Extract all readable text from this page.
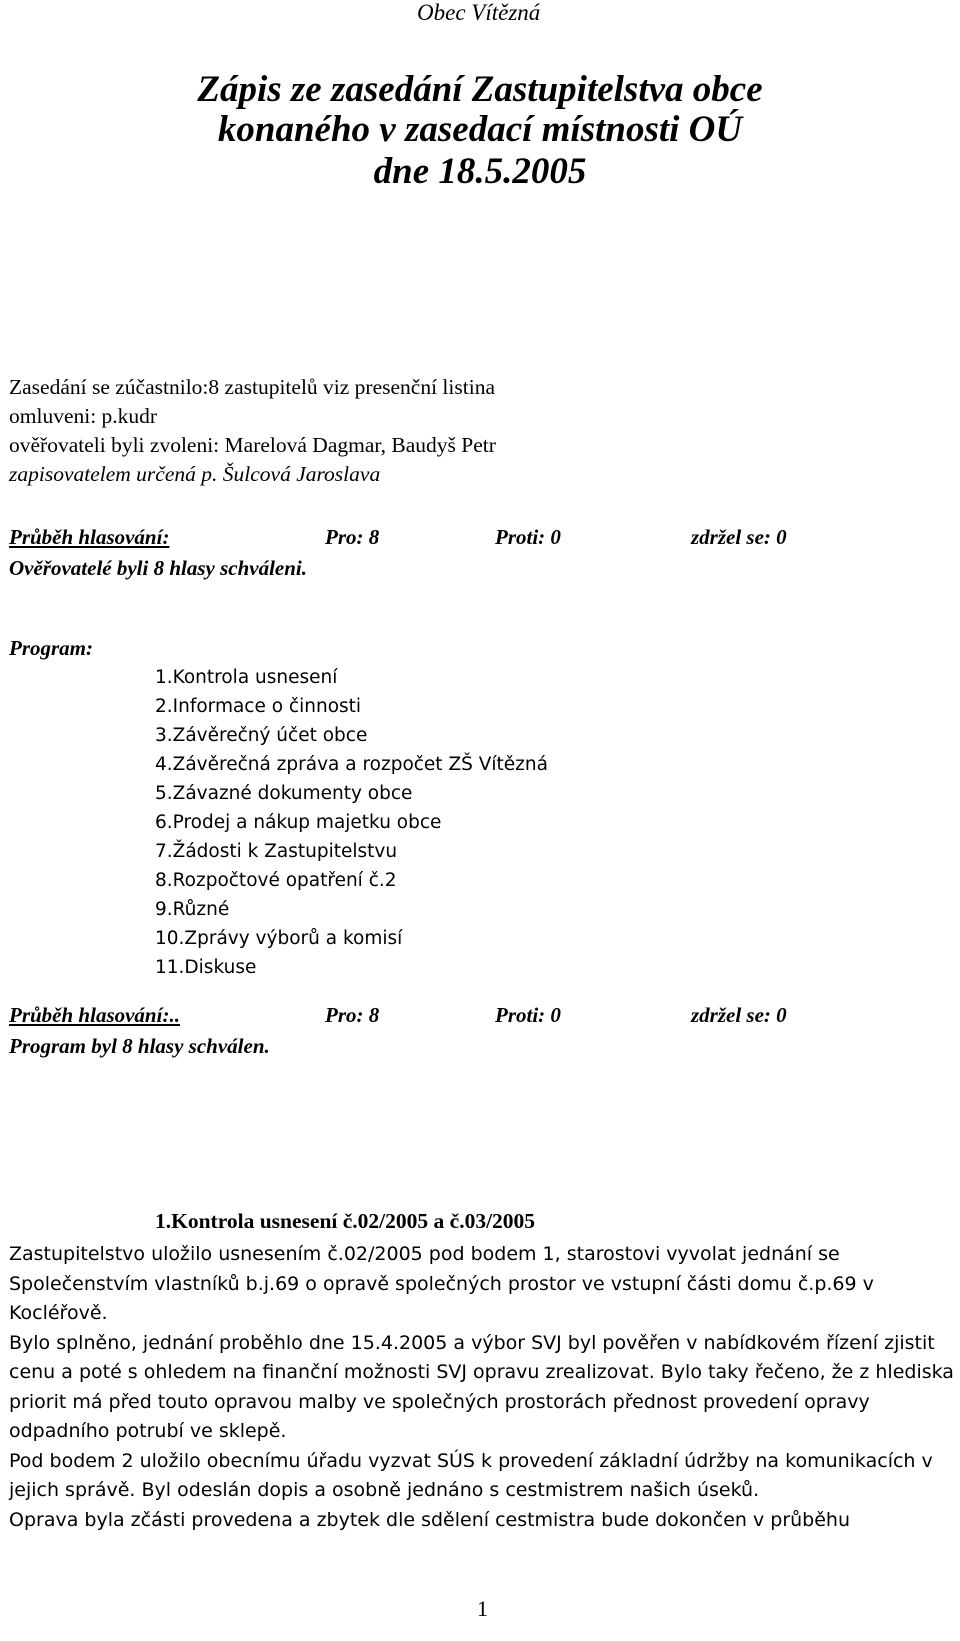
Obec Vítězná
Zápis ze zasedání Zastupitelstva obce
konaného v zasedací místnosti OÚ
dne 18.5.2005
Zasedání se zúčastnilo:8 zastupitelů viz presenční listina
omluveni: p.kudr
ověřovateli byli zvoleni: Marelová Dagmar, Baudyš Petr
zapisovatelem určená p. Šulcová Jaroslava
Průběh hlasování:	Pro: 8	Proti: 0	zdržel se: 0
Ověřovatelé byli 8 hlasy schváleni.
Program:
1.Kontrola usnesení
2.Informace o činnosti
3.Závěrečný účet obce
4.Závěrečná zpráva a rozpočet ZŠ Vítězná
5.Závazné dokumenty obce
6.Prodej a nákup majetku obce
7.Žádosti k Zastupitelstvu
8.Rozpočtové opatření č.2
9.Různé
10.Zprávy výborů a komisí
11.Diskuse
Průběh hlasování:..	Pro: 8	Proti: 0	zdržel se: 0
Program byl 8 hlasy schválen.
1.Kontrola usnesení č.02/2005 a č.03/2005

Zastupitelstvo uložilo usnesením č.02/2005 pod bodem 1, starostovi vyvolat jednání se Společenstvím vlastníků b.j.69 o opravě společných prostor ve vstupní části domu č.p.69 v Kocléřově.

Bylo splněno, jednání proběhlo dne 15.4.2005 a výbor SVJ byl pověřen v nabídkovém řízení zjistit cenu a poté s ohledem na finanční možnosti SVJ opravu zrealizovat. Bylo taky řečeno, že z hlediska priorit má před touto opravou malby ve společných prostorách přednost provedení opravy odpadního potrubí ve sklepě.

Pod bodem 2 uložilo obecnímu úřadu vyzvat SÚS k provedení základní údržby na komunikacích v jejich správě. Byl odeslán dopis a osobně jednáno s cestmistrem našich úseků.

Oprava byla zčásti provedena a zbytek dle sdělení cestmistra bude dokončen v průběhu

1
